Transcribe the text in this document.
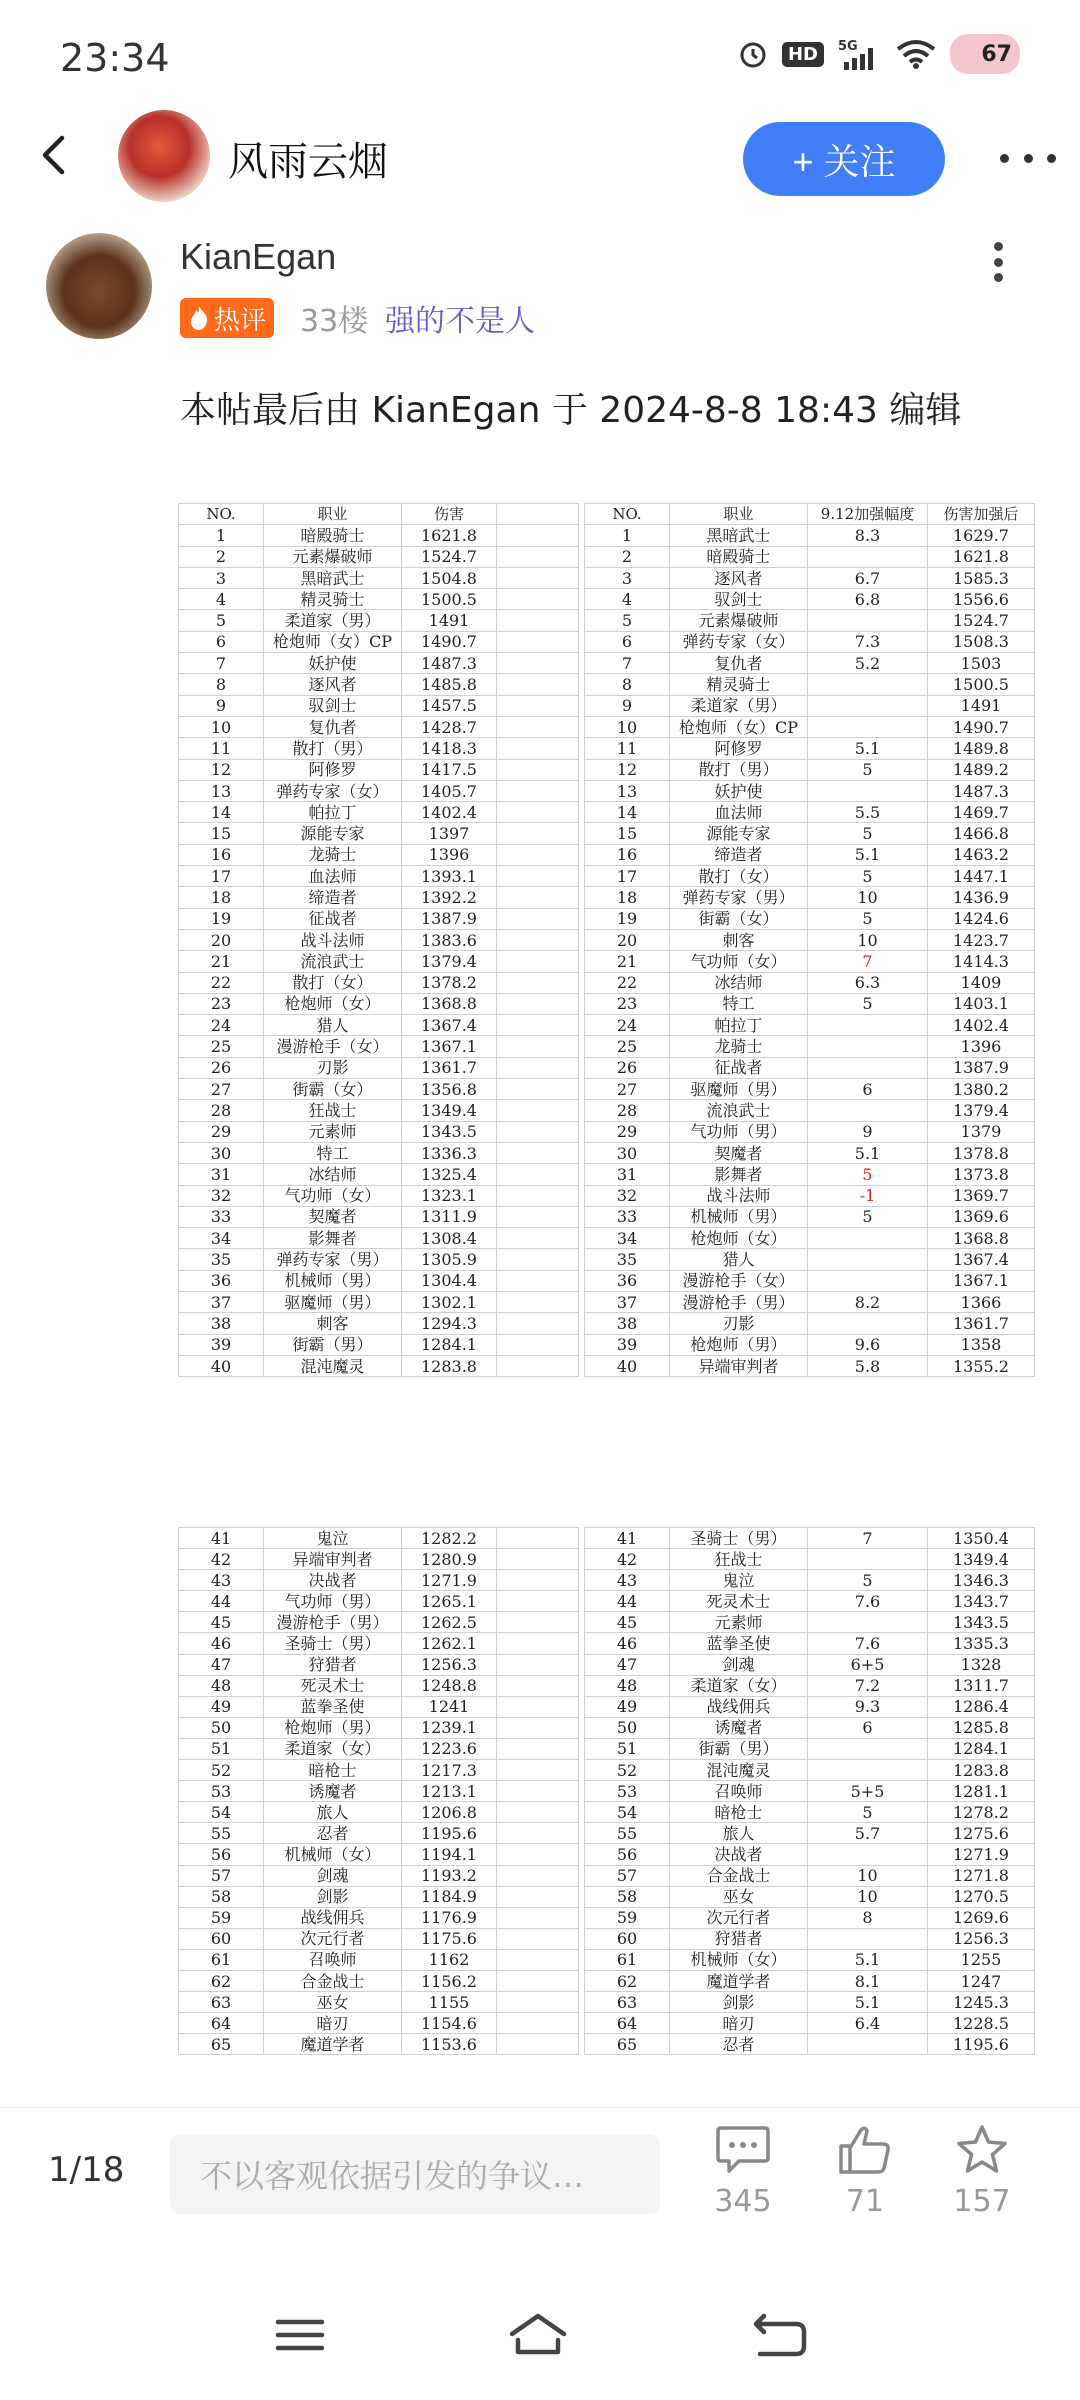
23:34	HD	5G	67
风雨云烟	+ 关注
KianEgan
热评 33楼 强的不是人
本帖最后由 KianEgan 于 2024-8-8 18:43 编辑
NO.	职业	伤害	
1	暗殿骑士	1621.8	
2	元素爆破师	1524.7	
3	黑暗武士	1504.8	
4	精灵骑士	1500.5	
5	柔道家（男）	1491	
6	枪炮师（女）CP	1490.7	
7	妖护使	1487.3	
8	逐风者	1485.8	
9	驭剑士	1457.5	
10	复仇者	1428.7	
11	散打（男）	1418.3	
12	阿修罗	1417.5	
13	弹药专家（女）	1405.7	
14	帕拉丁	1402.4	
15	源能专家	1397	
16	龙骑士	1396	
17	血法师	1393.1	
18	缔造者	1392.2	
19	征战者	1387.9	
20	战斗法师	1383.6	
21	流浪武士	1379.4	
22	散打（女）	1378.2	
23	枪炮师（女）	1368.8	
24	猎人	1367.4	
25	漫游枪手（女）	1367.1	
26	刃影	1361.7	
27	街霸（女）	1356.8	
28	狂战士	1349.4	
29	元素师	1343.5	
30	特工	1336.3	
31	冰结师	1325.4	
32	气功师（女）	1323.1	
33	契魔者	1311.9	
34	影舞者	1308.4	
35	弹药专家（男）	1305.9	
36	机械师（男）	1304.4	
37	驱魔师（男）	1302.1	
38	刺客	1294.3	
39	街霸（男）	1284.1	
40	混沌魔灵	1283.8	
NO.	职业	9.12加强幅度	伤害加强后
1	黑暗武士	8.3	1629.7
2	暗殿骑士		1621.8
3	逐风者	6.7	1585.3
4	驭剑士	6.8	1556.6
5	元素爆破师		1524.7
6	弹药专家（女）	7.3	1508.3
7	复仇者	5.2	1503
8	精灵骑士		1500.5
9	柔道家（男）		1491
10	枪炮师（女）CP		1490.7
11	阿修罗	5.1	1489.8
12	散打（男）	5	1489.2
13	妖护使		1487.3
14	血法师	5.5	1469.7
15	源能专家	5	1466.8
16	缔造者	5.1	1463.2
17	散打（女）	5	1447.1
18	弹药专家（男）	10	1436.9
19	街霸（女）	5	1424.6
20	刺客	10	1423.7
21	气功师（女）	7	1414.3
22	冰结师	6.3	1409
23	特工	5	1403.1
24	帕拉丁		1402.4
25	龙骑士		1396
26	征战者		1387.9
27	驱魔师（男）	6	1380.2
28	流浪武士		1379.4
29	气功师（男）	9	1379
30	契魔者	5.1	1378.8
31	影舞者	5	1373.8
32	战斗法师	-1	1369.7
33	机械师（男）	5	1369.6
34	枪炮师（女）		1368.8
35	猎人		1367.4
36	漫游枪手（女）		1367.1
37	漫游枪手（男）	8.2	1366
38	刃影		1361.7
39	枪炮师（男）	9.6	1358
40	异端审判者	5.8	1355.2
41	鬼泣	1282.2	
42	异端审判者	1280.9	
43	决战者	1271.9	
44	气功师（男）	1265.1	
45	漫游枪手（男）	1262.5	
46	圣骑士（男）	1262.1	
47	狩猎者	1256.3	
48	死灵术士	1248.8	
49	蓝拳圣使	1241	
50	枪炮师（男）	1239.1	
51	柔道家（女）	1223.6	
52	暗枪士	1217.3	
53	诱魔者	1213.1	
54	旅人	1206.8	
55	忍者	1195.6	
56	机械师（女）	1194.1	
57	剑魂	1193.2	
58	剑影	1184.9	
59	战线佣兵	1176.9	
60	次元行者	1175.6	
61	召唤师	1162	
62	合金战士	1156.2	
63	巫女	1155	
64	暗刃	1154.6	
65	魔道学者	1153.6	
41	圣骑士（男）	7	1350.4
42	狂战士		1349.4
43	鬼泣	5	1346.3
44	死灵术士	7.6	1343.7
45	元素师		1343.5
46	蓝拳圣使	7.6	1335.3
47	剑魂	6+5	1328
48	柔道家（女）	7.2	1311.7
49	战线佣兵	9.3	1286.4
50	诱魔者	6	1285.8
51	街霸（男）		1284.1
52	混沌魔灵		1283.8
53	召唤师	5+5	1281.1
54	暗枪士	5	1278.2
55	旅人	5.7	1275.6
56	决战者		1271.9
57	合金战士	10	1271.8
58	巫女	10	1270.5
59	次元行者	8	1269.6
60	狩猎者		1256.3
61	机械师（女）	5.1	1255
62	魔道学者	8.1	1247
63	剑影	5.1	1245.3
64	暗刃	6.4	1228.5
65	忍者		1195.6
1/18	不以客观依据引发的争议…
345 71 157
